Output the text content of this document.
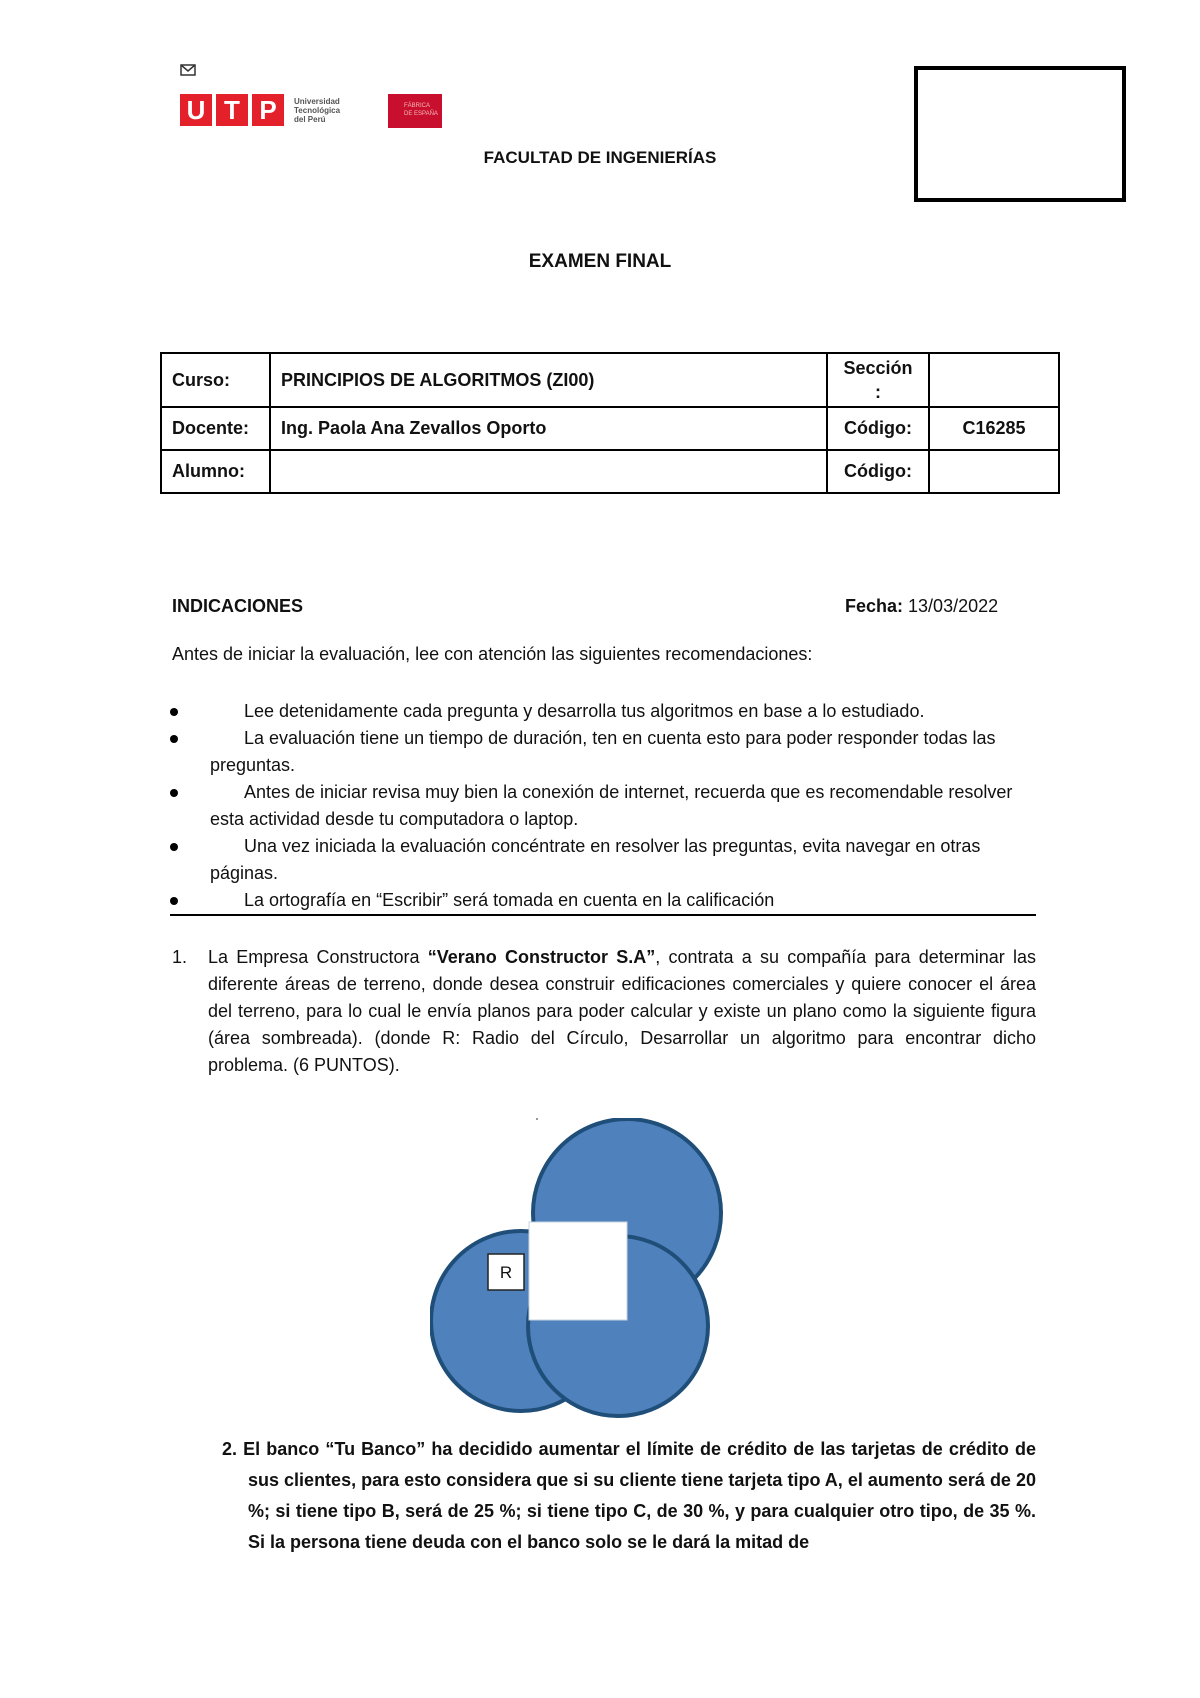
U T P	Universidad
Tecnológica
del Perú
FÁBRICA
DE ESPAÑA
FACULTAD DE INGENIERÍAS
EXAMEN FINAL
Curso:	PRINCIPIOS DE ALGORITMOS (ZI00)	Sección
:	

Docente:	Ing. Paola Ana Zevallos Oporto	Código:	C16285
Alumno:		Código:	
INDICACIONES	Fecha: 13/03/2022
Antes de iniciar la evaluación, lee con atención las siguientes recomendaciones:
Lee detenidamente cada pregunta y desarrolla tus algoritmos en base a lo estudiado.
La evaluación tiene un tiempo de duración, ten en cuenta esto para poder responder todas las preguntas.
Antes de iniciar revisa muy bien la conexión de internet, recuerda que es recomendable resolver esta actividad desde tu computadora o laptop.
Una vez iniciada la evaluación concéntrate en resolver las preguntas, evita navegar en otras páginas.
La ortografía en “Escribir” será tomada en cuenta en la calificación
1. La Empresa Constructora “Verano Constructor S.A”, contrata a su compañía para determinar las diferente áreas de terreno, donde desea construir edificaciones comerciales y quiere conocer el área del terreno, para lo cual le envía planos para poder calcular y existe un plano como la siguiente figura (área sombreada). (donde R: Radio del Círculo, Desarrollar un algoritmo para encontrar dicho problema. (6 PUNTOS).
R
2. El banco “Tu Banco” ha decidido aumentar el límite de crédito de las tarjetas de crédito de sus clientes, para esto considera que si su cliente tiene tarjeta tipo A, el aumento será de 20 %; si tiene tipo B, será de 25 %; si tiene tipo C, de 30 %, y para cualquier otro tipo, de 35 %. Si la persona tiene deuda con el banco solo se le dará la mitad de
